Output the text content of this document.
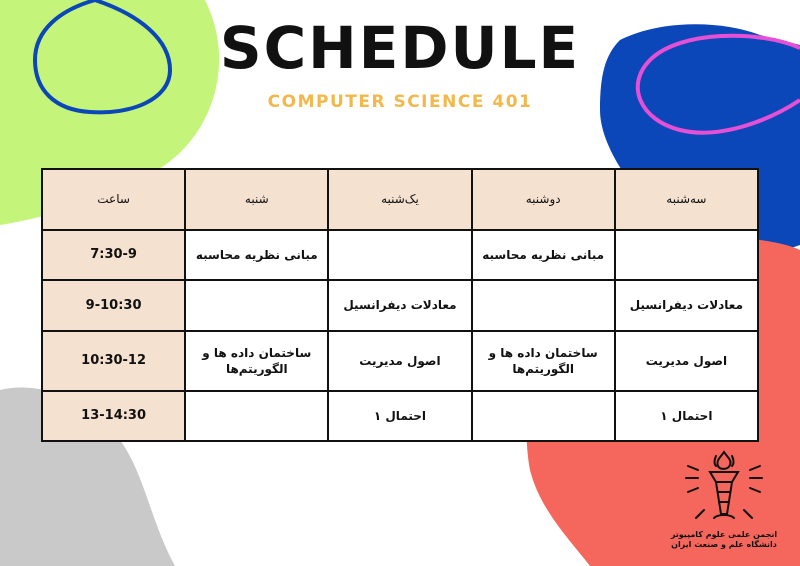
SCHEDULE
COMPUTER SCIENCE 401
ساعت	شنبه	یک‌شنبه	دوشنبه	سه‌شنبه
7:30-9	مبانی نظریه محاسبه		مبانی نظریه محاسبه	
9-10:30		معادلات دیفرانسیل		معادلات دیفرانسیل
10:30-12	ساختمان داده ها و الگوریتم‌ها	اصول مدیریت	ساختمان داده ها و الگوریتم‌ها	اصول مدیریت
13-14:30		احتمال ۱		احتمال ۱
انجمن علمی علوم کامپیوتر
دانشگاه علم و صنعت ایران
